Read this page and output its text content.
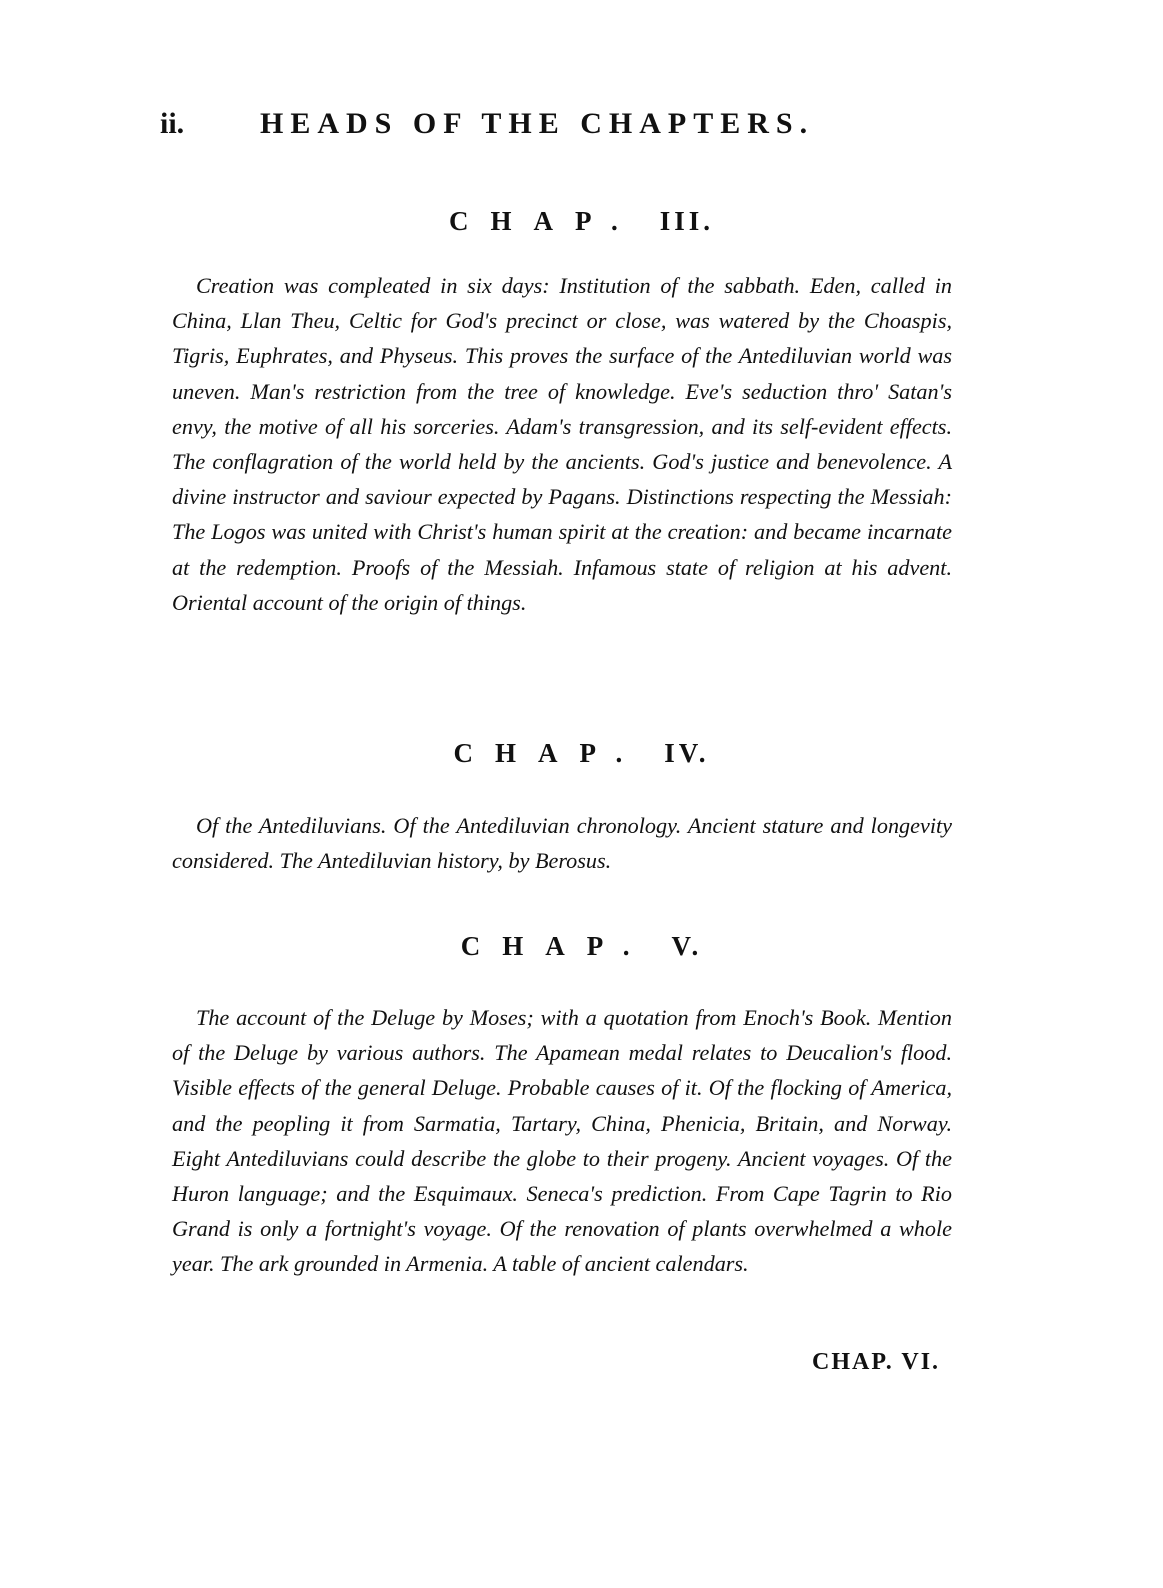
ii.	HEADS OF THE CHAPTERS.
CHAP. III.
Creation was compleated in six days: Institution of the sabbath. Eden, called in China, Llan Theu, Celtic for God's precinct or close, was watered by the Choaspis, Tigris, Euphrates, and Physeus. This proves the surface of the Antediluvian world was uneven. Man's restriction from the tree of knowledge. Eve's seduction thro' Satan's envy, the motive of all his sorceries. Adam's transgression, and its self-evident effects. The conflagration of the world held by the ancients. God's justice and benevolence. A divine instructor and saviour expected by Pagans. Distinctions respecting the Messiah: The Logos was united with Christ's human spirit at the creation: and became incarnate at the redemption. Proofs of the Messiah. Infamous state of religion at his advent. Oriental account of the origin of things.
CHAP. IV.
Of the Antediluvians. Of the Antediluvian chronology. Ancient stature and longevity considered. The Antediluvian history, by Berosus.
CHAP. V.
The account of the Deluge by Moses; with a quotation from Enoch's Book. Mention of the Deluge by various authors. The Apamean medal relates to Deucalion's flood. Visible effects of the general Deluge. Probable causes of it. Of the flocking of America, and the peopling it from Sarmatia, Tartary, China, Phenicia, Britain, and Norway. Eight Antediluvians could describe the globe to their progeny. Ancient voyages. Of the Huron language; and the Esquimaux. Seneca's prediction. From Cape Tagrin to Rio Grand is only a fortnight's voyage. Of the renovation of plants overwhelmed a whole year. The ark grounded in Armenia. A table of ancient calendars.
CHAP. VI.
